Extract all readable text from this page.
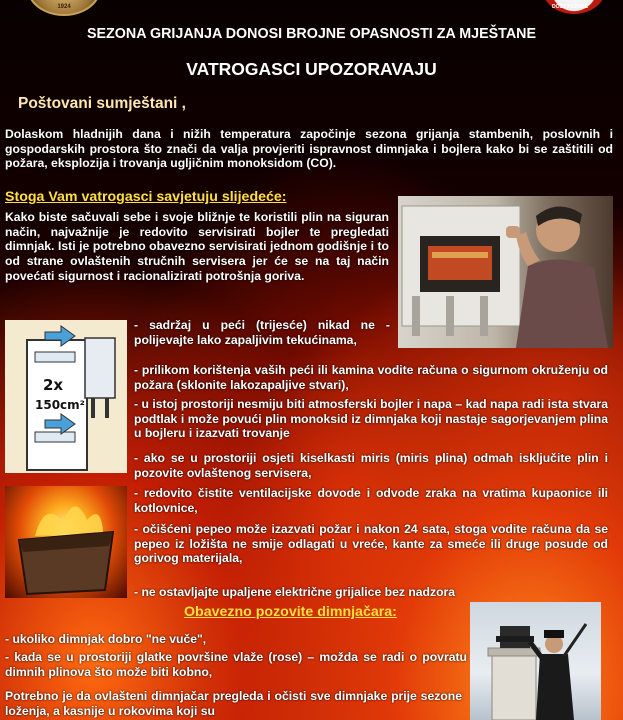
1924	DOŠT POŽARE
SEZONA GRIJANJA DONOSI BROJNE OPASNOSTI ZA MJEŠTANE
VATROGASCI UPOZORAVAJU
Poštovani sumještani ,
Dolaskom hladnijih dana i nižih temperatura započinje sezona grijanja stambenih, poslovnih i gospodarskih prostora što znači da valja provjeriti ispravnost dimnjaka i bojlera kako bi se zaštitili od požara, eksplozija i trovanja ugljičnim monoksidom (CO).
Stoga Vam vatrogasci savjetuju slijedeće:
Kako biste sačuvali sebe i svoje bližnje te koristili plin na siguran način, najvažnije je redovito servisirati bojler te pregledati dimnjak. Isti je potrebno obavezno servisirati jednom godišnje i to od strane ovlaštenih stručnih servisera jer će se na taj način povećati sigurnost i racionalizirati potrošnja goriva.
2x
150cm²
- sadržaj u peći (trijesće) nikad ne - polijevajte lako zapaljivim tekućinama,
- prilikom korištenja vaših peći ili kamina vodite računa o sigurnom okruženju od požara (sklonite lakozapaljive stvari),
- u istoj prostoriji nesmiju biti atmosferski bojler i napa – kad napa radi ista stvara podtlak i može povući plin monoksid iz dimnjaka koji nastaje sagorjevanjem plina u bojleru i izazvati trovanje
- ako se u prostoriji osjeti kiselkasti miris (miris plina) odmah isključite plin i pozovite ovlaštenog servisera,
- redovito čistite ventilacijske dovode i odvode zraka na vratima kupaonice ili kotlovnice,
- očišćeni pepeo može izazvati požar i nakon 24 sata, stoga vodite računa da se pepeo iz ložišta ne smije odlagati u vreće, kante za smeće ili druge posude od gorivog materijala,
- ne ostavljajte upaljene električne grijalice bez nadzora
Obavezno pozovite dimnjačara:
- ukoliko dimnjak dobro "ne vuče",
- kada se u prostoriji glatke površine vlaže (rose) – možda se radi o povratu dimnih plinova što može biti kobno,
Potrebno je da ovlašteni dimnjačar pregleda i očisti sve dimnjake prije sezone loženja, a kasnije u rokovima koji su
